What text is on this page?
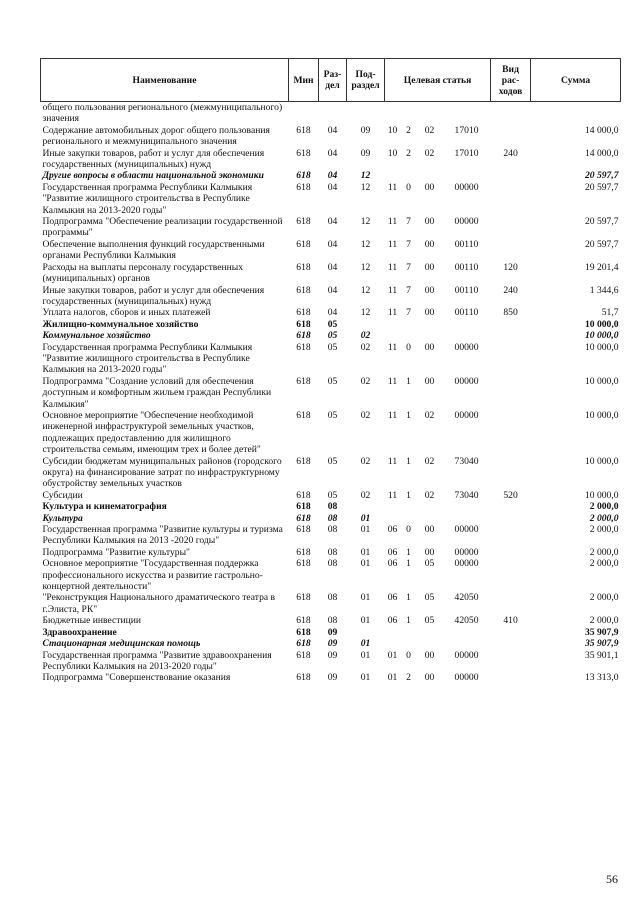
Наименование	Мин	Раз-дел	Под-раздел	Целевая статья				Вид рас-ходов	Сумма
общего пользования регионального (межмуниципального) значения									
Содержание автомобильных дорог общего пользования регионального и межмуниципального значения	618	04	09	10	2	02	17010		14 000,0
Иные закупки товаров, работ и услуг для обеспечения государственных (муниципальных) нужд	618	04	09	10	2	02	17010	240	14 000,0
Другие вопросы в области национальной экономики	618	04	12						20 597,7
Государственная программа Республики Калмыкия "Развитие жилищного строительства в Республике Калмыкия на 2013-2020 годы"	618	04	12	11	0	00	00000		20 597,7
Подпрограмма "Обеспечение реализации государственной программы"	618	04	12	11	7	00	00000		20 597,7
Обеспечение выполнения функций государственными органами Республики Калмыкия	618	04	12	11	7	00	00110		20 597,7
Расходы на выплаты персоналу государственных (муниципальных) органов	618	04	12	11	7	00	00110	120	19 201,4
Иные закупки товаров, работ и услуг для обеспечения государственных (муниципальных) нужд	618	04	12	11	7	00	00110	240	1 344,6
Уплата налогов, сборов и иных платежей	618	04	12	11	7	00	00110	850	51,7
Жилищно-коммунальное хозяйство	618	05							10 000,0
Коммунальное хозяйство	618	05	02						10 000,0
Государственная программа Республики Калмыкия "Развитие жилищного строительства в Республике Калмыкия на 2013-2020 годы"	618	05	02	11	0	00	00000		10 000,0
Подпрограмма "Создание условий для обеспечения доступным и комфортным жильем граждан Республики Калмыкия"	618	05	02	11	1	00	00000		10 000,0
Основное мероприятие "Обеспечение необходимой инженерной инфраструктурой земельных участков, подлежащих предоставлению для жилищного строительства семьям, имеющим трех и более детей"	618	05	02	11	1	02	00000		10 000,0
Субсидии бюджетам муниципальных районов (городского округа) на финансирование затрат по инфраструктурному обустройству земельных участков	618	05	02	11	1	02	73040		10 000,0
Субсидии	618	05	02	11	1	02	73040	520	10 000,0
Культура и кинематография	618	08							2 000,0
Культура	618	08	01						2 000,0
Государственная программа "Развитие культуры и туризма Республики Калмыкия на 2013 -2020 годы"	618	08	01	06	0	00	00000		2 000,0
Подпрограмма "Развитие культуры"	618	08	01	06	1	00	00000		2 000,0
Основное мероприятие "Государственная поддержка профессионального искусства и развитие гастрольно-концертной деятельности"	618	08	01	06	1	05	00000		2 000,0
"Реконструкция Национального драматического театра в г.Элиста, РК"	618	08	01	06	1	05	42050		2 000,0
Бюджетные инвестиции	618	08	01	06	1	05	42050	410	2 000,0
Здравоохранение	618	09							35 907,9
Стационарная медицинская помощь	618	09	01						35 907,9
Государственная программа "Развитие здравоохранения Республики Калмыкия на 2013-2020 годы"	618	09	01	01	0	00	00000		35 901,1
Подпрограмма "Совершенствование оказания	618	09	01	01	2	00	00000		13 313,0
56
